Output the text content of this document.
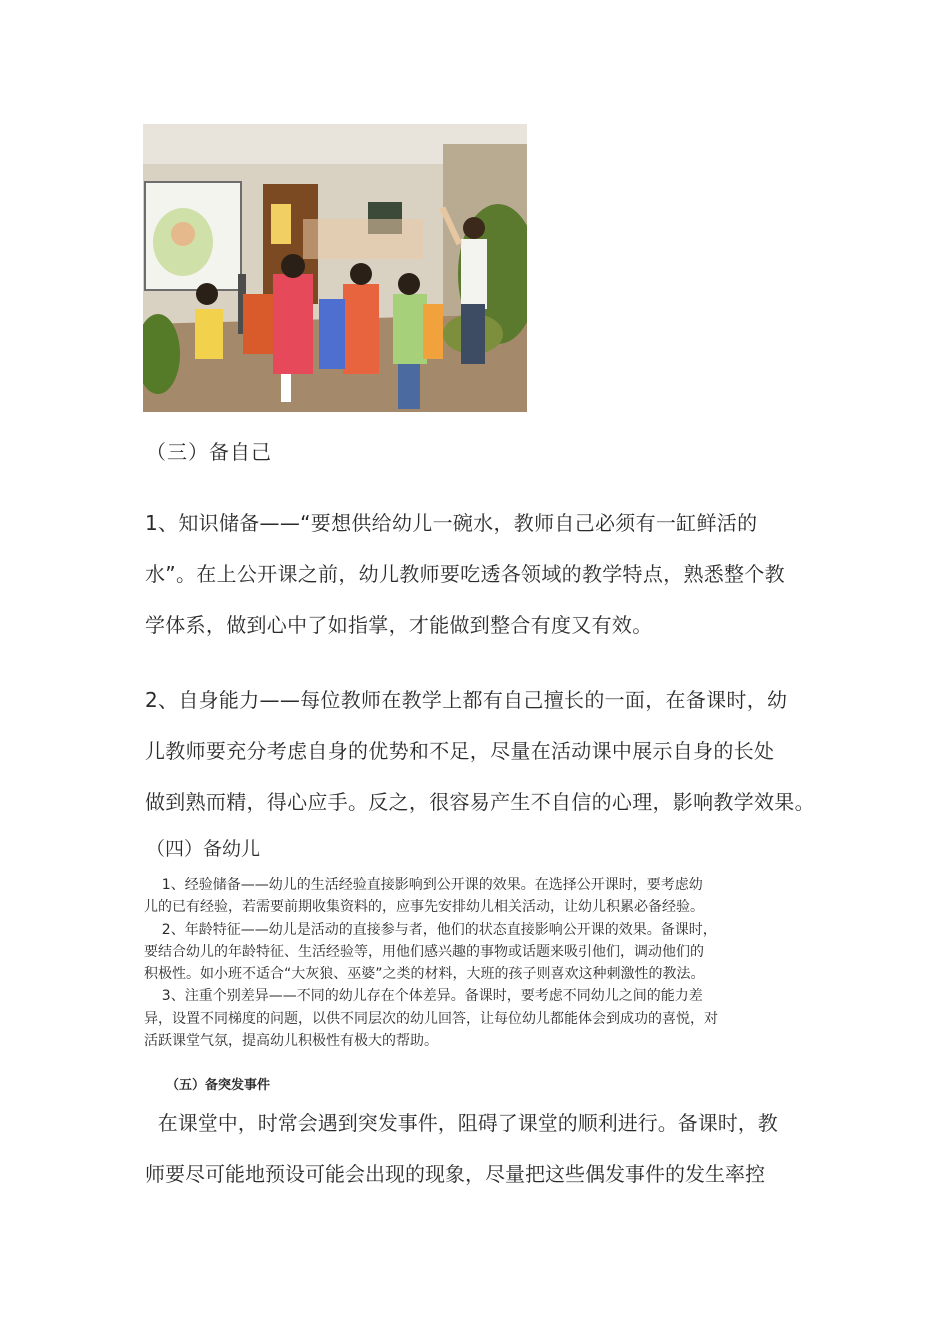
（三）备自己
1、知识储备——“要想供给幼儿一碗水，教师自己必须有一缸鲜活的
水”。在上公开课之前，幼儿教师要吃透各领域的教学特点，熟悉整个教
学体系，做到心中了如指掌，才能做到整合有度又有效。
2、自身能力——每位教师在教学上都有自己擅长的一面，在备课时，幼
儿教师要充分考虑自身的优势和不足，尽量在活动课中展示自身的长处
做到熟而精，得心应手。反之，很容易产生不自信的心理，影响教学效果。
（四）备幼儿
1、经验储备——幼儿的生活经验直接影响到公开课的效果。在选择公开课时，要考虑幼
儿的已有经验，若需要前期收集资料的，应事先安排幼儿相关活动，让幼儿积累必备经验。
2、年龄特征——幼儿是活动的直接参与者，他们的状态直接影响公开课的效果。备课时，
要结合幼儿的年龄特征、生活经验等，用他们感兴趣的事物或话题来吸引他们，调动他们的
积极性。如小班不适合“大灰狼、巫婆”之类的材料，大班的孩子则喜欢这种刺激性的教法。
3、注重个别差异——不同的幼儿存在个体差异。备课时，要考虑不同幼儿之间的能力差
异，设置不同梯度的问题，以供不同层次的幼儿回答，让每位幼儿都能体会到成功的喜悦，对
活跃课堂气氛，提高幼儿积极性有极大的帮助。
（五）备突发事件
在课堂中，时常会遇到突发事件，阻碍了课堂的顺利进行。备课时，教
师要尽可能地预设可能会出现的现象，尽量把这些偶发事件的发生率控
